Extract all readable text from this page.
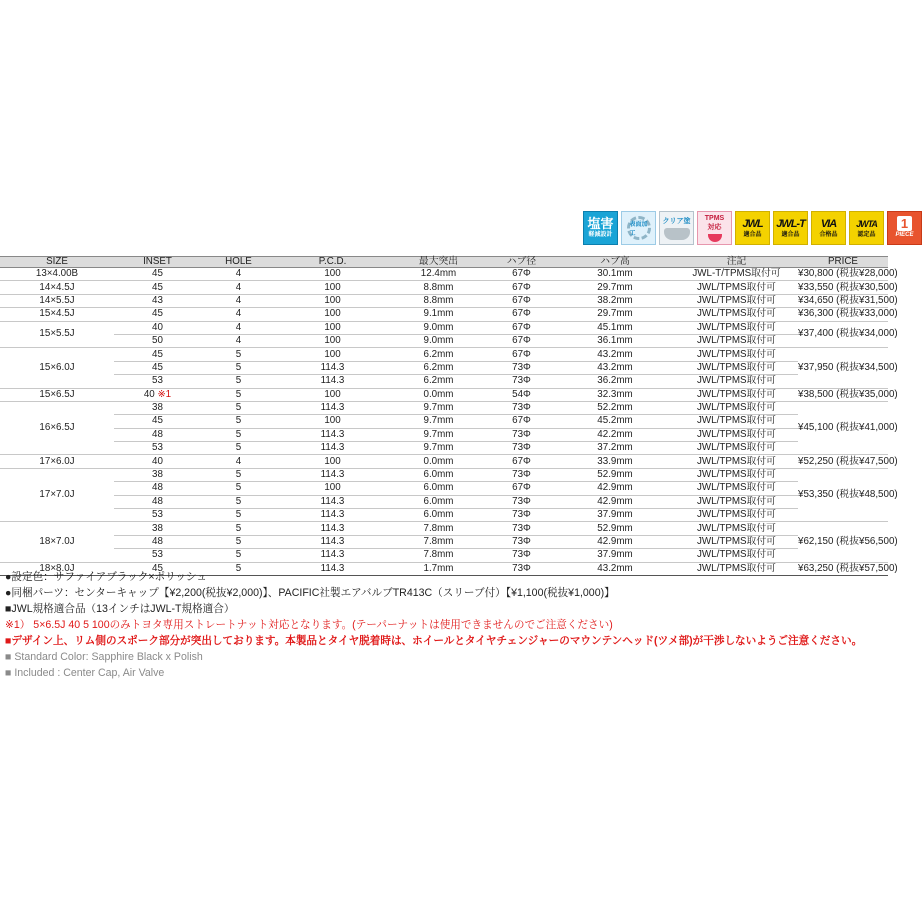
塩害
軽減設計
表面加工
クリア塗 TPMS
対応 JWL
適合品
JWL-T
適合品
VIA
合格品
JWTA
認定品
1
PIECE
SIZE	INSET	HOLE	P.C.D.	最大突出	ハブ径	ハブ高	注記	PRICE
13×4.00B	45	4	100	12.4mm	67Φ	30.1mm	JWL-T/TPMS取付可	¥30,800 (税抜¥28,000)
14×4.5J	45	4	100	8.8mm	67Φ	29.7mm	JWL/TPMS取付可	¥33,550 (税抜¥30,500)
14×5.5J	43	4	100	8.8mm	67Φ	38.2mm	JWL/TPMS取付可	¥34,650 (税抜¥31,500)
15×4.5J	45	4	100	9.1mm	67Φ	29.7mm	JWL/TPMS取付可	¥36,300 (税抜¥33,000)
15×5.5J	40	4	100	9.0mm	67Φ	45.1mm	JWL/TPMS取付可	¥37,400 (税抜¥34,000)
	50	4	100	9.0mm	67Φ	36.1mm	JWL/TPMS取付可	
15×6.0J	45	5	100	6.2mm	67Φ	43.2mm	JWL/TPMS取付可	¥37,950 (税抜¥34,500)
	45	5	114.3	6.2mm	73Φ	43.2mm	JWL/TPMS取付可	
	53	5	114.3	6.2mm	73Φ	36.2mm	JWL/TPMS取付可	
15×6.5J	40 ※1	5	100	0.0mm	54Φ	32.3mm	JWL/TPMS取付可	¥38,500 (税抜¥35,000)
16×6.5J	38	5	114.3	9.7mm	73Φ	52.2mm	JWL/TPMS取付可	¥45,100 (税抜¥41,000)
	45	5	100	9.7mm	67Φ	45.2mm	JWL/TPMS取付可	
	48	5	114.3	9.7mm	73Φ	42.2mm	JWL/TPMS取付可	
	53	5	114.3	9.7mm	73Φ	37.2mm	JWL/TPMS取付可	
17×6.0J	40	4	100	0.0mm	67Φ	33.9mm	JWL/TPMS取付可	¥52,250 (税抜¥47,500)
17×7.0J	38	5	114.3	6.0mm	73Φ	52.9mm	JWL/TPMS取付可	¥53,350 (税抜¥48,500)
	48	5	100	6.0mm	67Φ	42.9mm	JWL/TPMS取付可	
	48	5	114.3	6.0mm	73Φ	42.9mm	JWL/TPMS取付可	
	53	5	114.3	6.0mm	73Φ	37.9mm	JWL/TPMS取付可	
18×7.0J	38	5	114.3	7.8mm	73Φ	52.9mm	JWL/TPMS取付可	¥62,150 (税抜¥56,500)
	48	5	114.3	7.8mm	73Φ	42.9mm	JWL/TPMS取付可	
	53	5	114.3	7.8mm	73Φ	37.9mm	JWL/TPMS取付可	
18×8.0J	45	5	114.3	1.7mm	73Φ	43.2mm	JWL/TPMS取付可	¥63,250 (税抜¥57,500)
●設定色：サファイアブラック×ポリッシュ
●同梱パーツ：センターキャップ【¥2,200(税抜¥2,000)】、PACIFIC社製エアバルブTR413C（スリーブ付）【¥1,100(税抜¥1,000)】
■JWL規格適合品（13インチはJWL-T規格適合）
※1） 5×6.5J 40 5 100のみトヨタ専用ストレートナット対応となります。(テーパーナットは使用できませんのでご注意ください)
■デザイン上、リム側のスポーク部分が突出しております。本製品とタイヤ脱着時は、ホイールとタイヤチェンジャーのマウンテンヘッド(ツメ部)が干渉しないようご注意ください。
■ Standard Color: Sapphire Black x Polish
■ Included : Center Cap, Air Valve
